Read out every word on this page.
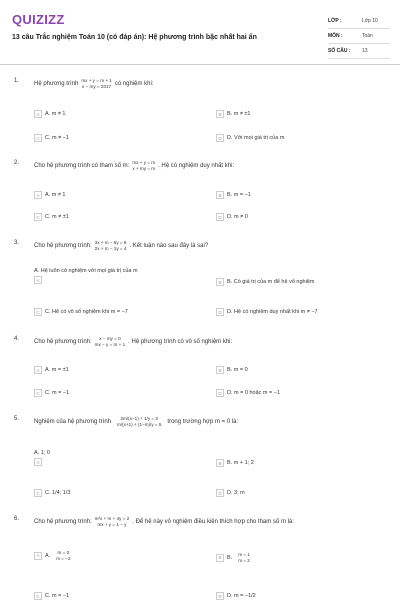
QUIZIZZ
13 câu Trắc nghiệm Toán 10 (có đáp án): Hệ phương trình bậc nhất hai ẩn
LỚP :	Lớp 10
MÔN :	Toán
SỐ CÂU :	13
1. Hệ phương trình
mx + y = m + 1
x − my = 2017 có nghiệm khi:
A	A. m ≠ 1	B	B. m ≠ ±1
C C. m ≠ −1	D D. Với mọi giá trị của m
2. Cho hệ phương trình có tham số m:
mx + y = m
x + my = m . Hệ có nghiệm duy nhất khi:
A	A. m ≠ 1	B	B. m = −1
C C. m ≠ ±1	D D. m ≠ 0
3. Cho hệ phương trình:
3x + m − 5y = 6
2x + m − 1y = 4 . Kết luận nào sau đây là sai?
A
A. Hệ luôn có nghiệm với mọi giá trị của m
B	B. Có giá trị của m để hệ vô nghiệm
C C. Hệ có vô số nghiệm khi m = −7	D D. Hệ có nghiệm duy nhất khi m ≠ −7
4. Cho hệ phương trình:
x − my = 0
mx − y = m + 1 . Hệ phương trình có vô số nghiệm khi:
A	A. m = ±1	B	B. m = 0
C C. m = −1	D D. m = 0 hoặc m = −1
5. Nghiệm của hệ phương trình
2m/(x−1) + 1/y = 3
m/(x+1) + (1−m)/y = 5 trong trường hợp m = 0 là:
A
A. 1; 0
B	B. m + 1; 2
C C. 1/4; 1/3	D D. 3; m
6. Cho hệ phương trình:
m²x + m + 4y = 2
mx + y = 1 − y . Để hệ này vô nghiệm điều kiện thích hợp cho tham số m là:
A	A.
m = 0
m = −2	B	B.
m = 1
m = 2
C C. m = −1	D D. m = −1/2
